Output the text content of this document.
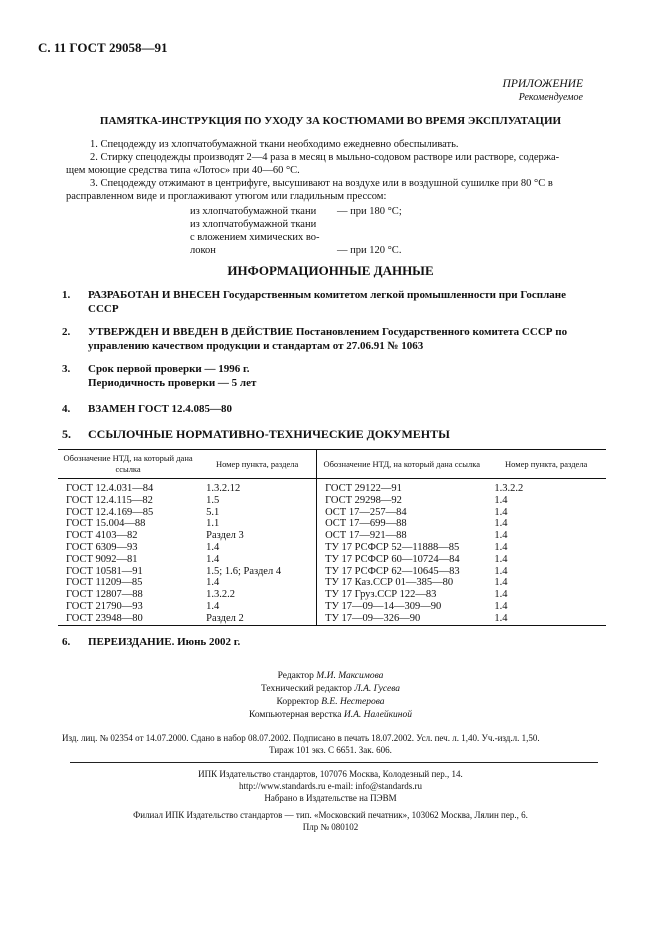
С. 11 ГОСТ 29058—91
ПРИЛОЖЕНИЕ
Рекомендуемое
ПАМЯТКА-ИНСТРУКЦИЯ ПО УХОДУ ЗА КОСТЮМАМИ ВО ВРЕМЯ ЭКСПЛУАТАЦИИ
1. Спецодежду из хлопчатобумажной ткани необходимо ежедневно обеспыливать.
2. Стирку спецодежды производят 2—4 раза в месяц в мыльно-содовом растворе или растворе, содержа-
щем моющие средства типа «Лотос» при 40—60 °С.
3. Спецодежду отжимают в центрифуге, высушивают на воздухе или в воздушной сушилке при 80 °С в
расправленном виде и проглаживают утюгом или гладильным прессом:
из хлопчатобумажной ткани — при 180 °С;
из хлопчатобумажной ткани
с вложением химических во-
локон	— при 120 °С.
ИНФОРМАЦИОННЫЕ ДАННЫЕ
1. РАЗРАБОТАН И ВНЕСЕН Государственным комитетом легкой промышленности при Госплане
СССР
2. УТВЕРЖДЕН И ВВЕДЕН В ДЕЙСТВИЕ Постановлением Государственного комитета СССР по
управлению качеством продукции и стандартам от 27.06.91 № 1063
3. Срок первой проверки — 1996 г.
Периодичность проверки — 5 лет
4. ВЗАМЕН ГОСТ 12.4.085—80
5. ССЫЛОЧНЫЕ НОРМАТИВНО-ТЕХНИЧЕСКИЕ ДОКУМЕНТЫ
Обозначение НТД, на который дана ссылка	Номер пункта, раздела	Обозначение НТД, на который дана ссылка	Номер пункта, раздела
ГОСТ 12.4.031—84	1.3.2.12	ГОСТ 29122—91	1.3.2.2
ГОСТ 12.4.115—82	1.5	ГОСТ 29298—92	1.4
ГОСТ 12.4.169—85	5.1	ОСТ 17—257—84	1.4
ГОСТ 15.004—88	1.1	ОСТ 17—699—88	1.4
ГОСТ 4103—82	Раздел 3	ОСТ 17—921—88	1.4
ГОСТ 6309—93	1.4	ТУ 17 РСФСР 52—11888—85	1.4
ГОСТ 9092—81	1.4	ТУ 17 РСФСР 60—10724—84	1.4
ГОСТ 10581—91	1.5; 1.6; Раздел 4	ТУ 17 РСФСР 62—10645—83	1.4
ГОСТ 11209—85	1.4	ТУ 17 Каз.ССР 01—385—80	1.4
ГОСТ 12807—88	1.3.2.2	ТУ 17 Груз.ССР 122—83	1.4
ГОСТ 21790—93	1.4	ТУ 17—09—14—309—90	1.4
ГОСТ 23948—80	Раздел 2	ТУ 17—09—326—90	1.4
6. ПЕРЕИЗДАНИЕ. Июнь 2002 г.
Редактор М.И. Максимова
Технический редактор Л.А. Гусева
Корректор В.Е. Нестерова
Компьютерная верстка И.А. Налейкиной
Изд. лиц. № 02354 от 14.07.2000. Сдано в набор 08.07.2002. Подписано в печать 18.07.2002. Усл. печ. л. 1,40. Уч.-изд.л. 1,50.
Тираж 101 экз. С 6651. Зак. 606.
ИПК Издательство стандартов, 107076 Москва, Колодезный пер., 14.
http://www.standards.ru e-mail: info@standards.ru
Набрано в Издательстве на ПЭВМ
Филиал ИПК Издательство стандартов — тип. «Московский печатник», 103062 Москва, Лялин пер., 6.
Плр № 080102
